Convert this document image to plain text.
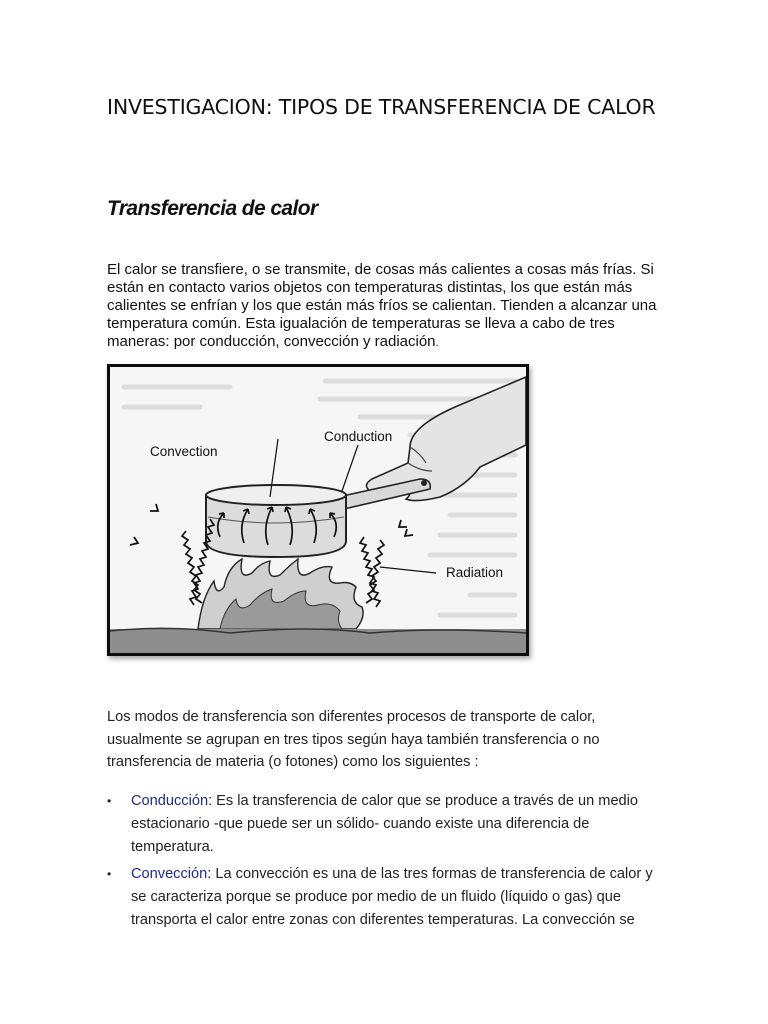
INVESTIGACION: TIPOS DE TRANSFERENCIA DE CALOR
Transferencia de calor

El calor se transfiere, o se transmite, de cosas más calientes a cosas más frías. Si están en contacto varios objetos con temperaturas distintas, los que están más calientes se enfrían y los que están más fríos se calientan. Tienden a alcanzar una temperatura común. Esta igualación de temperaturas se lleva a cabo de tres maneras: por conducción, convección y radiación.

Convection
Conduction
Radiation

Los modos de transferencia son diferentes procesos de transporte de calor, usualmente se agrupan en tres tipos según haya también transferencia o no transferencia de materia (o fotones) como los siguientes :

• Conducción: Es la transferencia de calor que se produce a través de un medio estacionario -que puede ser un sólido- cuando existe una diferencia de temperatura.
• Convección: La convección es una de las tres formas de transferencia de calor y se caracteriza porque se produce por medio de un fluido (líquido o gas) que transporta el calor entre zonas con diferentes temperaturas. La convección se
